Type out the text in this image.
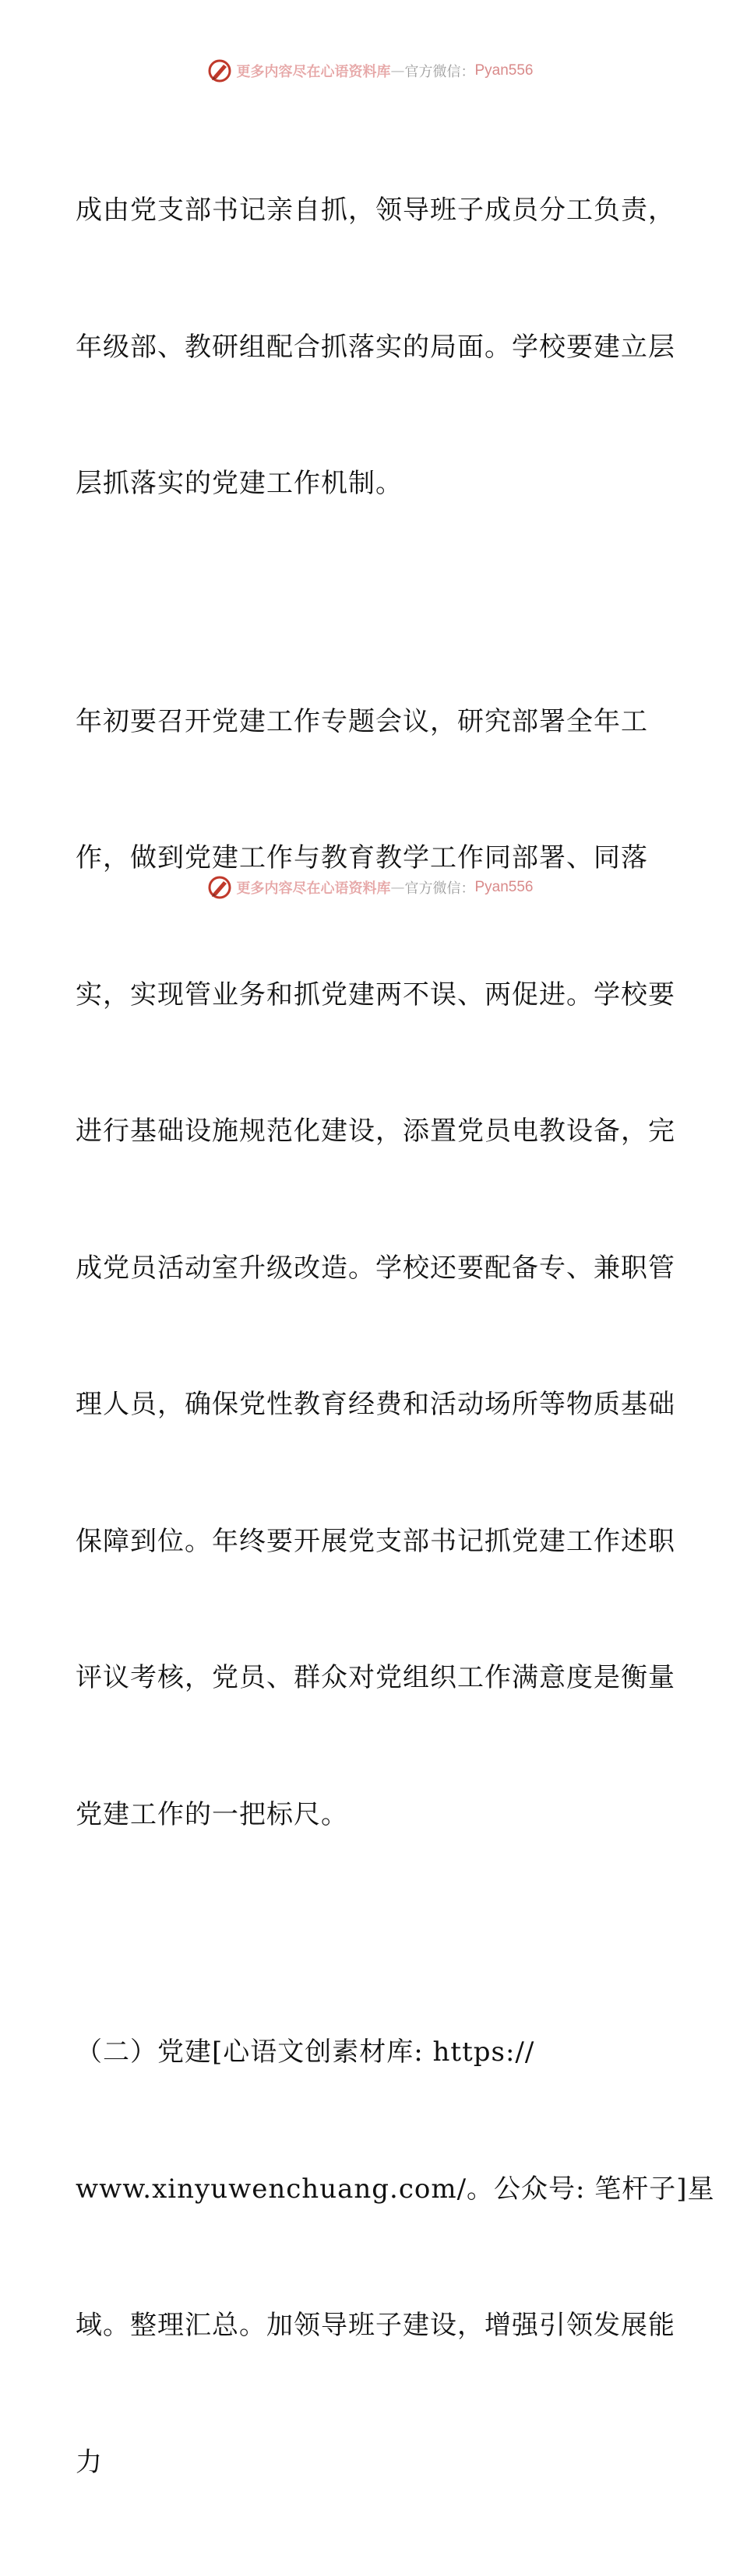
更多内容尽在心语资料库 — 官方微信： Pyan556

成由党支部书记亲自抓，领导班子成员分工负责，

年级部、教研组配合抓落实的局面。学校要建立层

层抓落实的党建工作机制。

年初要召开党建工作专题会议，研究部署全年工

作，做到党建工作与教育教学工作同部署、同落

实，实现管业务和抓党建两不误、两促进。学校要

进行基础设施规范化建设，添置党员电教设备，完

成党员活动室升级改造。学校还要配备专、兼职管

理人员，确保党性教育经费和活动场所等物质基础

保障到位。年终要开展党支部书记抓党建工作述职

评议考核，党员、群众对党组织工作满意度是衡量

党建工作的一把标尺。

（二）党建[心语文创素材库: https://

www.xinyuwenchuang.com/。公众号: 笔杆子]星

域。整理汇总。加领导班子建设，增强引领发展能

力

更多内容尽在心语资料库 — 官方微信： Pyan556
